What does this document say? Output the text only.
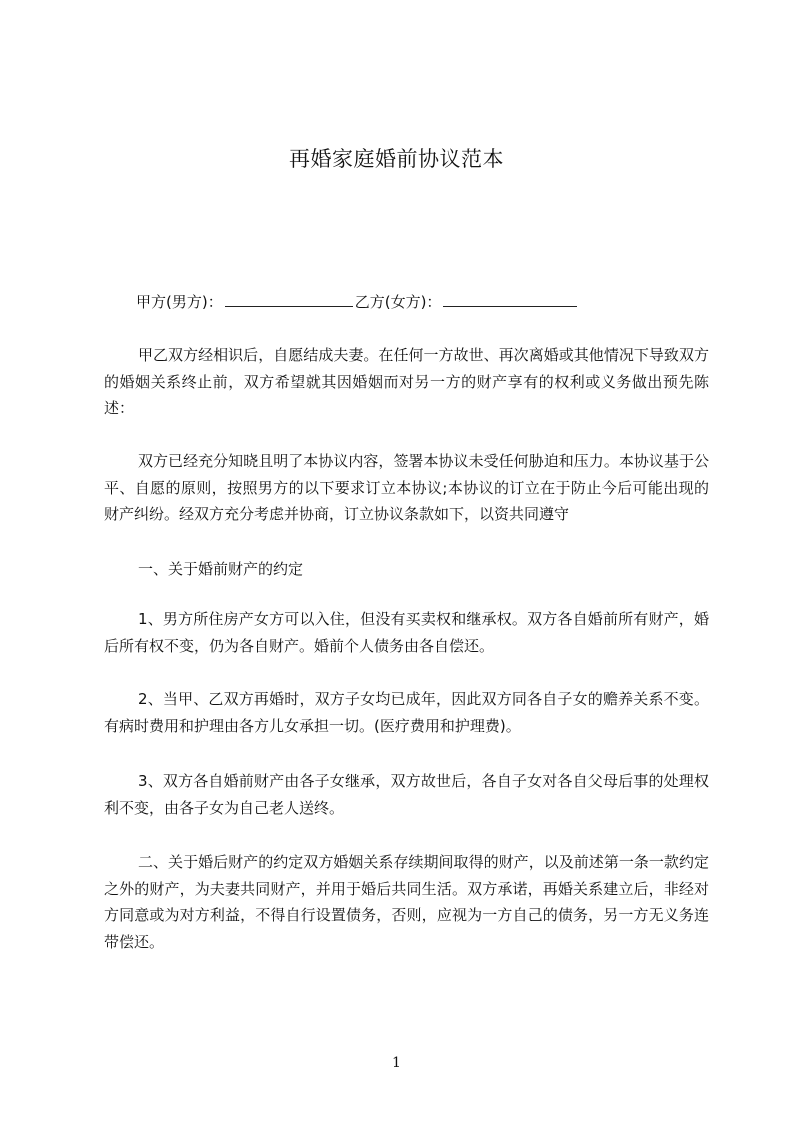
再婚家庭婚前协议范本
甲方(男方)：	乙方(女方)：
甲乙双方经相识后，自愿结成夫妻。在任何一方故世、再次离婚或其他情况下导致双方的婚姻关系终止前，双方希望就其因婚姻而对另一方的财产享有的权利或义务做出预先陈述：
双方已经充分知晓且明了本协议内容，签署本协议未受任何胁迫和压力。本协议基于公平、自愿的原则，按照男方的以下要求订立本协议;本协议的订立在于防止今后可能出现的财产纠纷。经双方充分考虑并协商，订立协议条款如下，以资共同遵守
一、关于婚前财产的约定
1、男方所住房产女方可以入住，但没有买卖权和继承权。双方各自婚前所有财产，婚后所有权不变，仍为各自财产。婚前个人债务由各自偿还。
2、当甲、乙双方再婚时，双方子女均已成年，因此双方同各自子女的赡养关系不变。有病时费用和护理由各方儿女承担一切。(医疗费用和护理费)。
3、双方各自婚前财产由各子女继承，双方故世后，各自子女对各自父母后事的处理权利不变，由各子女为自己老人送终。
二、关于婚后财产的约定双方婚姻关系存续期间取得的财产，以及前述第一条一款约定之外的财产，为夫妻共同财产，并用于婚后共同生活。双方承诺，再婚关系建立后，非经对方同意或为对方利益，不得自行设置债务，否则，应视为一方自己的债务，另一方无义务连带偿还。
1
